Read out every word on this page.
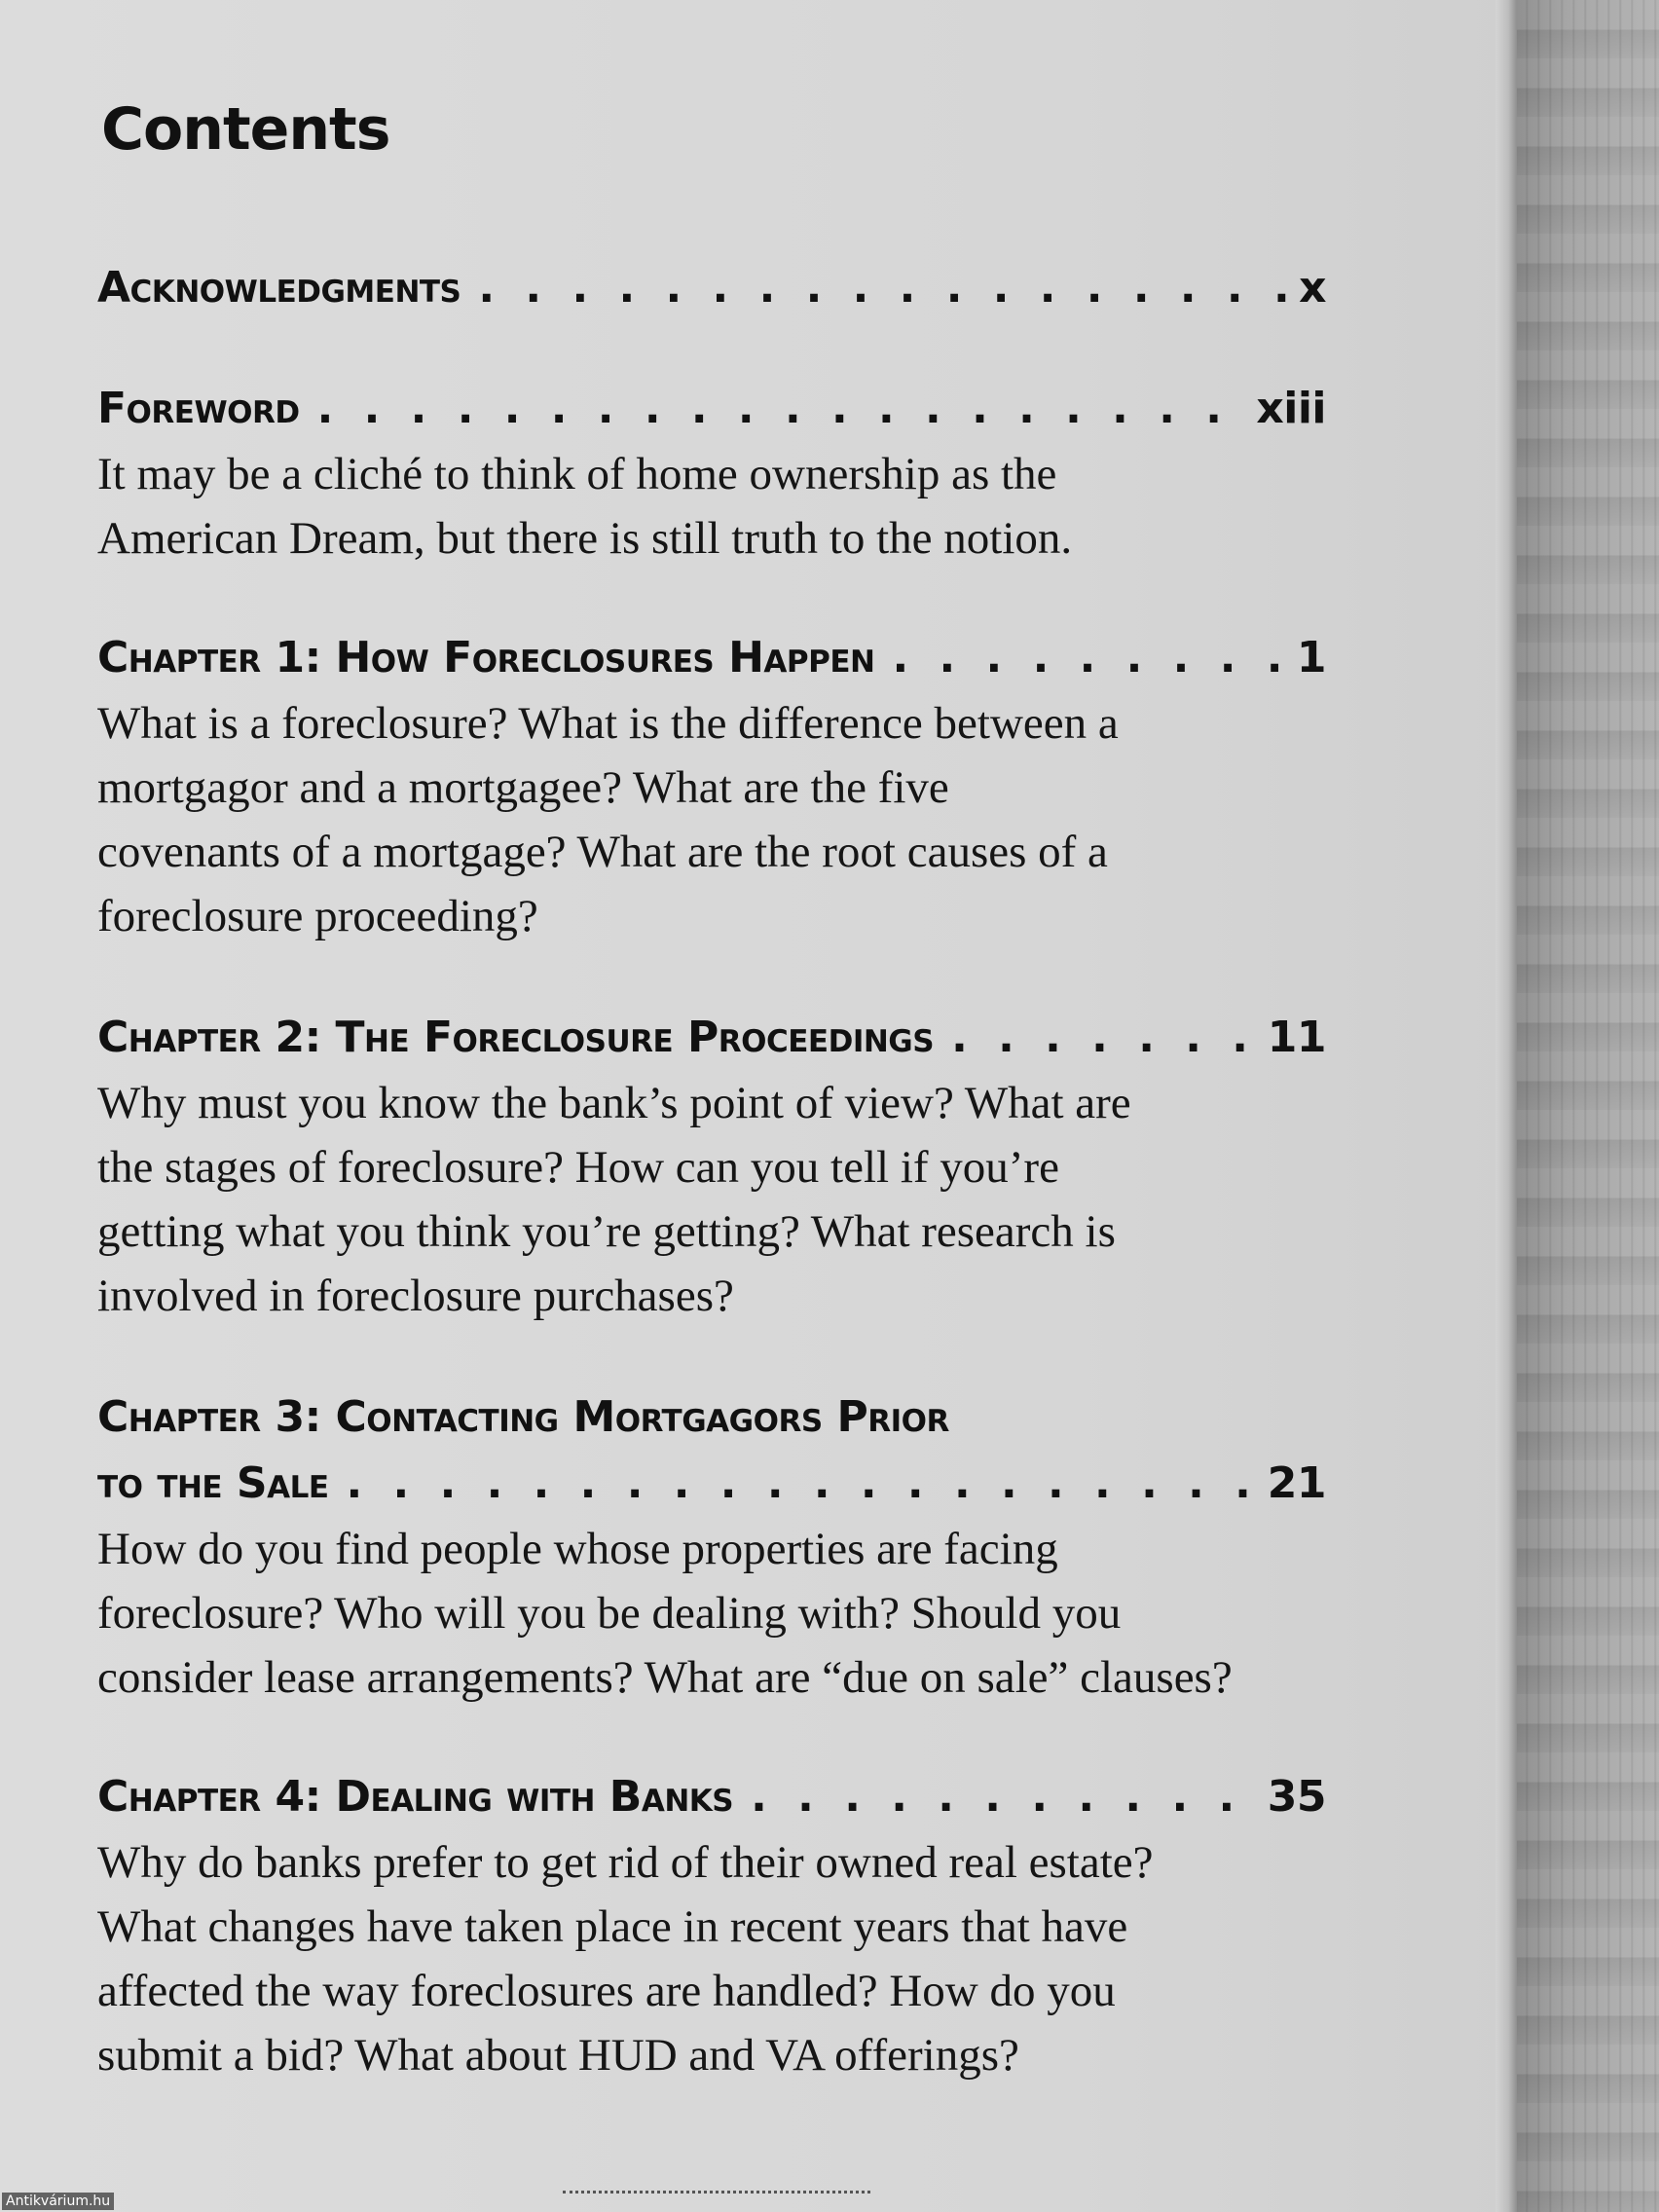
Contents
Acknowledgments . . .	x
Foreword . . .	xiii

It may be a cliché to think of home ownership as the
American Dream, but there is still truth to the notion.

Chapter 1: How Foreclosures Happen . . .	1

What is a foreclosure? What is the difference between a
mortgagor and a mortgagee? What are the five
covenants of a mortgage? What are the root causes of a
foreclosure proceeding?

Chapter 2: The Foreclosure Proceedings . . .	11

Why must you know the bank’s point of view? What are
the stages of foreclosure? How can you tell if you’re
getting what you think you’re getting? What research is
involved in foreclosure purchases?

Chapter 3: Contacting Mortgagors Prior
to the Sale . . .	21

How do you find people whose properties are facing
foreclosure? Who will you be dealing with? Should you
consider lease arrangements? What are “due on sale” clauses?

Chapter 4: Dealing with Banks . . .	35

Why do banks prefer to get rid of their owned real estate?
What changes have taken place in recent years that have
affected the way foreclosures are handled? How do you
submit a bid? What about HUD and VA offerings?

Antikvárium.hu
